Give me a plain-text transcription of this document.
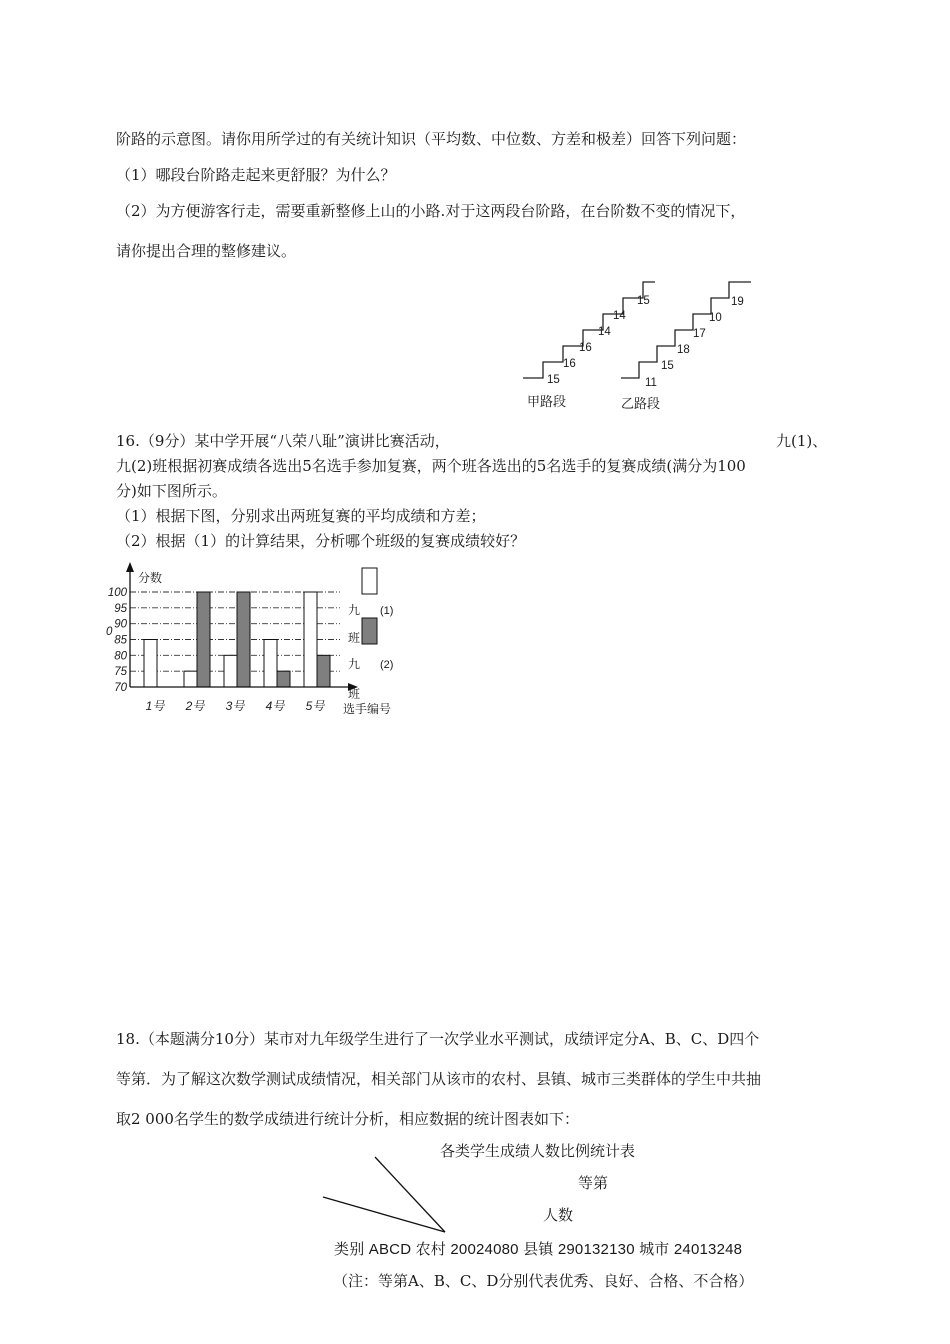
阶路的示意图。请你用所学过的有关统计知识（平均数、中位数、方差和极差）回答下列问题：
（1）哪段台阶路走起来更舒服？为什么？
（2）为方便游客行走，需要重新整修上山的小路.对于这两段台阶路，在台阶数不变的情况下，
请你提出合理的整修建议。
15
16
16
14
14
15
11
15
18
17
10
19
甲路段	乙路段
16.（9分）某中学开展“八荣八耻”演讲比赛活动，	九(1)、
九(2)班根据初赛成绩各选出5名选手参加复赛，两个班各选出的5名选手的复赛成绩(满分为100
分)如下图所示。
（1）根据下图，分别求出两班复赛的平均成绩和方差；
（2）根据（1）的计算结果，分析哪个班级的复赛成绩较好？
70
75
80
85
90
95
100
1号 2号 3号 4号 5号
分数
0
班
选手编号
九 (1)
班
九 (2)
18.（本题满分10分）某市对九年级学生进行了一次学业水平测试，成绩评定分A、B、C、D四个
等第．为了解这次数学测试成绩情况，相关部门从该市的农村、县镇、城市三类群体的学生中共抽
取2 000名学生的数学成绩进行统计分析，相应数据的统计图表如下：
各类学生成绩人数比例统计表
等第
人数
类别 ABCD 农村 20024080 县镇 290132130 城市 24013248
（注：等第A、B、C、D分别代表优秀、良好、合格、不合格）
